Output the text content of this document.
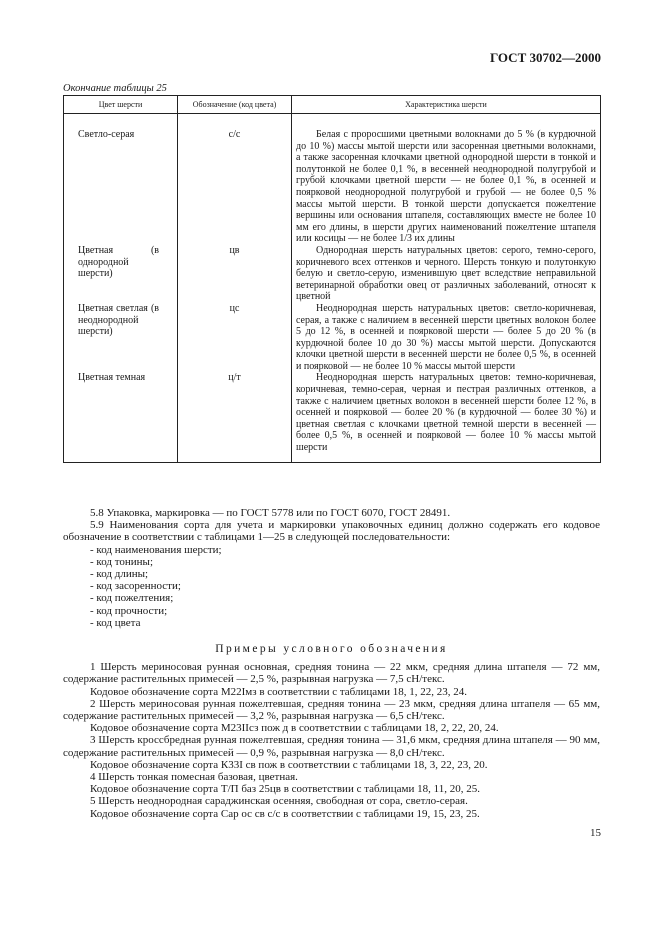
ГОСТ 30702—2000
Окончание таблицы 25
Цвет шерсти	Обозначение (код цвета)	Характеристика шерсти
Светло-серая	с/с	Белая с проросшими цветными волокнами до 5 % (в курдючной до 10 %) массы мытой шерсти или засоренная цветными волокнами, а также засоренная клочками цветной однородной шерсти в тонкой и полутонкой не более 0,1 %, в весенней неоднородной полугрубой и грубой клочками цветной шерсти — не более 0,1 %, в осенней и поярковой неоднородной полугрубой и грубой — не более 0,5 % массы мытой шерсти. В тонкой шерсти допускается пожелтение вершины или основания штапеля, составляющих вместе не более 10 мм его длины, в шерсти других наименований пожелтение штапеля или косицы — не более 1/3 их длины
Цветная (в однородной шерсти)	цв	Однородная шерсть натуральных цветов: серого, темно-серого, коричневого всех оттенков и черного. Шерсть тонкую и полутонкую белую и светло-серую, изменившую цвет вследствие неправильной ветеринарной обработки овец от различных заболеваний, относят к цветной
Цветная светлая (в неоднородной шерсти)	цс	Неоднородная шерсть натуральных цветов: светло-коричневая, серая, а также с наличием в весенней шерсти цветных волокон более 5 до 12 %, в осенней и поярковой шерсти — более 5 до 20 % (в курдючной более 10 до 30 %) массы мытой шерсти. Допускаются клочки цветной шерсти в весенней шерсти не более 0,5 %, в осенней и поярковой — не более 10 % массы мытой шерсти
Цветная темная	ц/т	Неоднородная шерсть натуральных цветов: темно-коричневая, коричневая, темно-серая, черная и пестрая различных оттенков, а также с наличием цветных волокон в весенней шерсти более 12 %, в осенней и поярковой — более 20 % (в курдючной — более 30 %) и цветная светлая с клочками цветной темной шерсти в весенней — более 0,5 %, в осенней и поярковой — более 10 % массы мытой шерсти

5.8 Упаковка, маркировка — по ГОСТ 5778 или по ГОСТ 6070, ГОСТ 28491.

5.9 Наименования сорта для учета и маркировки упаковочных единиц должно содержать его кодовое обозначение в соответствии с таблицами 1—25 в следующей последовательности:

- код наименования шерсти;

- код тонины;

- код длины;

- код засоренности;

- код пожелтения;

- код прочности;

- код цвета

Примеры условного обозначения

1 Шерсть мериносовая рунная основная, средняя тонина — 22 мкм, средняя длина штапеля — 72 мм, содержание растительных примесей — 2,5 %, разрывная нагрузка — 7,5 сН/текс.

Кодовое обозначение сорта М22Iмз в соответствии с таблицами 18, 1, 22, 23, 24.

2 Шерсть мериносовая рунная пожелтевшая, средняя тонина — 23 мкм, средняя длина штапеля — 65 мм, содержание растительных примесей — 3,2 %, разрывная нагрузка — 6,5 сН/текс.

Кодовое обозначение сорта М23IIсз пож д в соответствии с таблицами 18, 2, 22, 20, 24.

3 Шерсть кроссбредная рунная пожелтевшая, средняя тонина — 31,6 мкм, средняя длина штапеля — 90 мм, содержание растительных примесей — 0,9 %, разрывная нагрузка — 8,0 сН/текс.

Кодовое обозначение сорта К33I св пож в соответствии с таблицами 18, 3, 22, 23, 20.

4 Шерсть тонкая помесная базовая, цветная.

Кодовое обозначение сорта Т/П баз 25цв в соответствии с таблицами 18, 11, 20, 25.

5 Шерсть неоднородная сараджинская осенняя, свободная от сора, светло-серая.

Кодовое обозначение сорта Сар ос св с/с в соответствии с таблицами 19, 15, 23, 25.

15
